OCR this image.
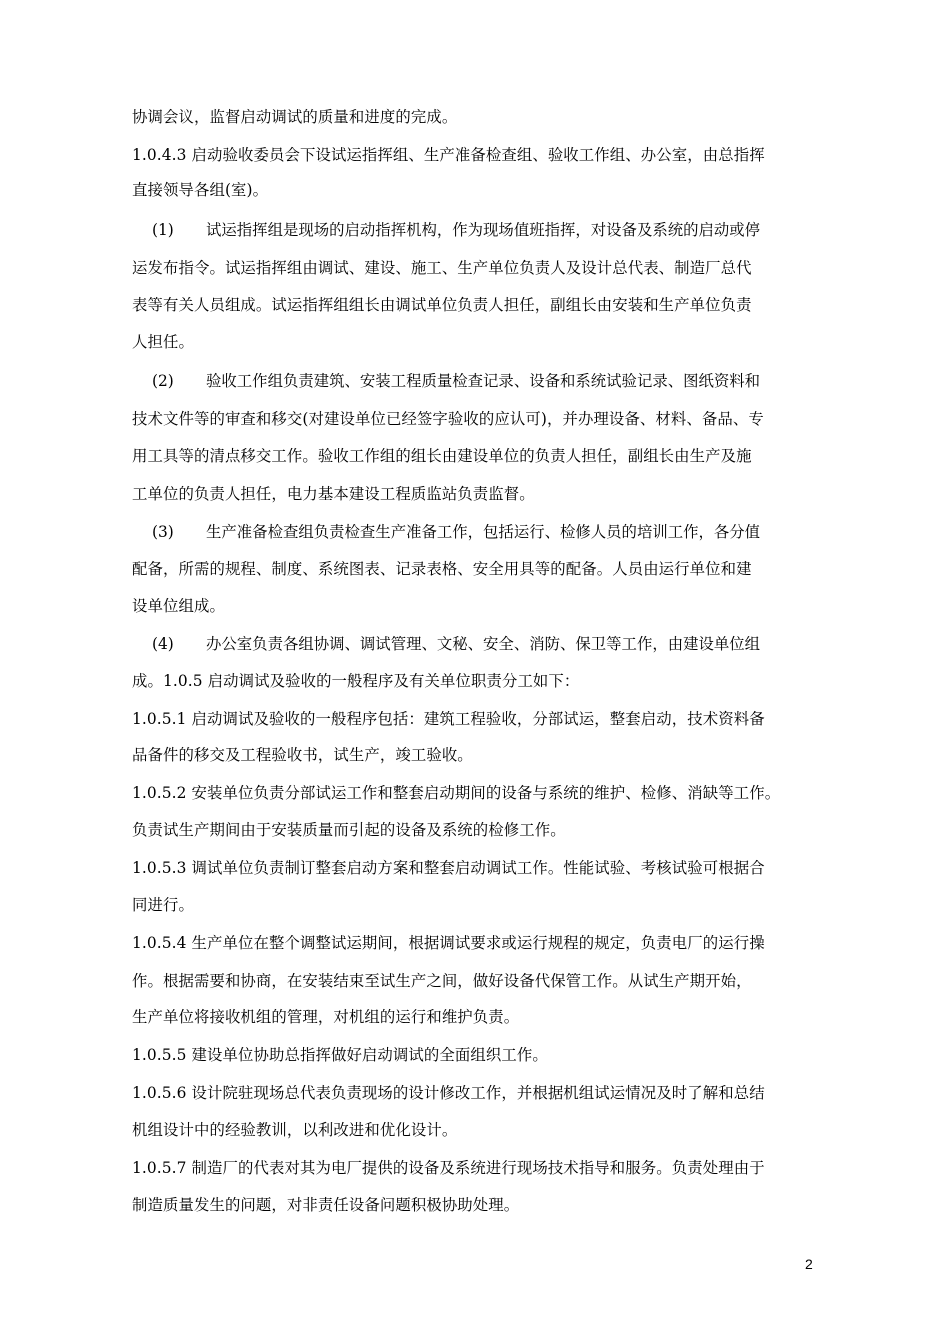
协调会议，监督启动调试的质量和进度的完成。
1.0.4.3 启动验收委员会下设试运指挥组、生产准备检查组、验收工作组、办公室，由总指挥
直接领导各组(室)。
(1) 试运指挥组是现场的启动指挥机构，作为现场值班指挥，对设备及系统的启动或停
运发布指令。试运指挥组由调试、建设、施工、生产单位负责人及设计总代表、制造厂总代
表等有关人员组成。试运指挥组组长由调试单位负责人担任，副组长由安装和生产单位负责
人担任。
(2) 验收工作组负责建筑、安装工程质量检查记录、设备和系统试验记录、图纸资料和
技术文件等的审查和移交(对建设单位已经签字验收的应认可)，并办理设备、材料、备品、专
用工具等的清点移交工作。验收工作组的组长由建设单位的负责人担任，副组长由生产及施
工单位的负责人担任，电力基本建设工程质监站负责监督。
(3) 生产准备检查组负责检查生产准备工作，包括运行、检修人员的培训工作，各分值
配备，所需的规程、制度、系统图表、记录表格、安全用具等的配备。人员由运行单位和建
设单位组成。
(4) 办公室负责各组协调、调试管理、文秘、安全、消防、保卫等工作，由建设单位组
成。1.0.5 启动调试及验收的一般程序及有关单位职责分工如下：
1.0.5.1 启动调试及验收的一般程序包括：建筑工程验收，分部试运，整套启动，技术资料备
品备件的移交及工程验收书，试生产，竣工验收。
1.0.5.2 安装单位负责分部试运工作和整套启动期间的设备与系统的维护、检修、消缺等工作。
负责试生产期间由于安装质量而引起的设备及系统的检修工作。
1.0.5.3 调试单位负责制订整套启动方案和整套启动调试工作。性能试验、考核试验可根据合
同进行。
1.0.5.4 生产单位在整个调整试运期间，根据调试要求或运行规程的规定，负责电厂的运行操
作。根据需要和协商，在安装结束至试生产之间，做好设备代保管工作。从试生产期开始，
生产单位将接收机组的管理，对机组的运行和维护负责。
1.0.5.5 建设单位协助总指挥做好启动调试的全面组织工作。
1.0.5.6 设计院驻现场总代表负责现场的设计修改工作，并根据机组试运情况及时了解和总结
机组设计中的经验教训，以利改进和优化设计。
1.0.5.7 制造厂的代表对其为电厂提供的设备及系统进行现场技术指导和服务。负责处理由于
制造质量发生的问题，对非责任设备问题积极协助处理。
2
